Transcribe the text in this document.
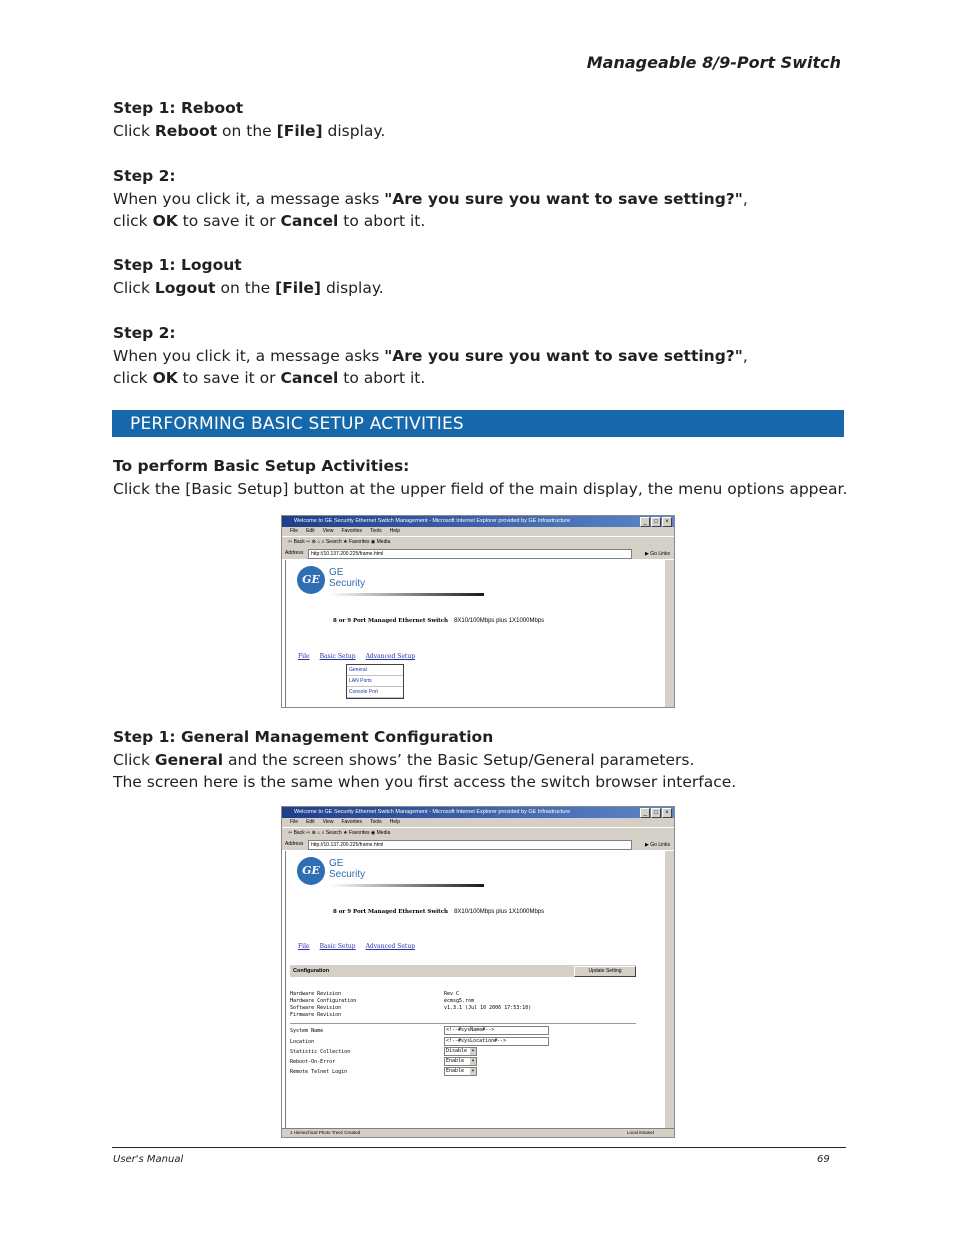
Manageable 8/9-Port Switch
Step 1: Reboot
Click Reboot on the [File] display.
Step 2:
When you click it, a message asks "Are you sure you want to save setting?",
click OK to save it or Cancel to abort it.
Step 1: Logout
Click Logout on the [File] display.
Step 2:
When you click it, a message asks "Are you sure you want to save setting?",
click OK to save it or Cancel to abort it.
PERFORMING BASIC SETUP ACTIVITIES
To perform Basic Setup Activities:
Click the [Basic Setup] button at the upper field of the main display, the menu options appear.
Welcome to GE Security Ethernet Switch Management - Microsoft Internet Explorer provided by GE Infrastructure	_	□	×
File Edit View Favorites Tools Help
⇦ Back ⇨ ⊗ ⌂ ⌕ Search ★ Favorites ◉ Media
Address	http://10.137.200.225/frame.html	▶ Go Links
GE
GE
Security
8 or 9 Port Managed Ethernet Switch 8X10/100Mbps plus 1X1000Mbps
File Basic Setup Advanced Setup
General
LAN Ports
Console Port
Step 1: General Management Configuration
Click General and the screen shows’ the Basic Setup/General parameters.
The screen here is the same when you first access the switch browser interface.
Welcome to GE Security Ethernet Switch Management - Microsoft Internet Explorer provided by GE Infrastructure	_	□	×
File Edit View Favorites Tools Help
⇦ Back ⇨ ⊗ ⌂ ⌕ Search ★ Favorites ◉ Media
Address	http://10.137.200.225/frame.html	▶ Go Links
GE
GE
Security
8 or 9 Port Managed Ethernet Switch 8X10/100Mbps plus 1X1000Mbps
File Basic Setup Advanced Setup
Configuration	Update Setting
Hardware Revision	Rev C
Hardware Configuration	ecmsg5.rom
Software Revision	v1.3.1 (Jul 10 2006 17:53:10)
Firmware Revision
System Name	<!--#sysName#-->
Location	<!--#sysLocation#-->
Statistic Collection	Disable ▾
Reboot-On-Error	Enable ▾
Remote Telnet Login	Enable ▾
1 Hierarchical Photo Treez Created	Local intranet
User's Manual	69
